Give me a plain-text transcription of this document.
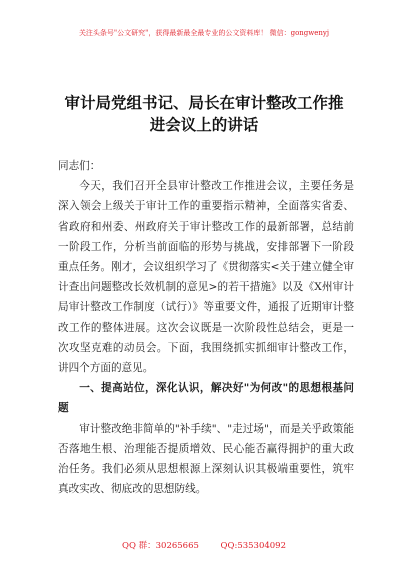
关注头条号"公文研究"，获得最新最全最专业的公文资料库！ 微信：gongwenyj
审计局党组书记、局长在审计整改工作推
进会议上的讲话

同志们：

今天，我们召开全县审计整改工作推进会议，主要任务是深入领会上级关于审计工作的重要指示精神，全面落实省委、省政府和州委、州政府关于审计整改工作的最新部署，总结前一阶段工作，分析当前面临的形势与挑战，安排部署下一阶段重点任务。刚才，会议组织学习了《贯彻落实<关于建立健全审计查出问题整改长效机制的意见>的若干措施》以及《X州审计局审计整改工作制度（试行）》等重要文件，通报了近期审计整改工作的整体进展。这次会议既是一次阶段性总结会，更是一次攻坚克难的动员会。下面，我围绕抓实抓细审计整改工作，讲四个方面的意见。

一、提高站位，深化认识，解决好"为何改"的思想根基问题

审计整改绝非简单的"补手续"、"走过场"，而是关乎政策能否落地生根、治理能否提质增效、民心能否赢得拥护的重大政治任务。我们必须从思想根源上深刻认识其极端重要性，筑牢真改实改、彻底改的思想防线。

QQ 群：30265665        QQ:535304092
